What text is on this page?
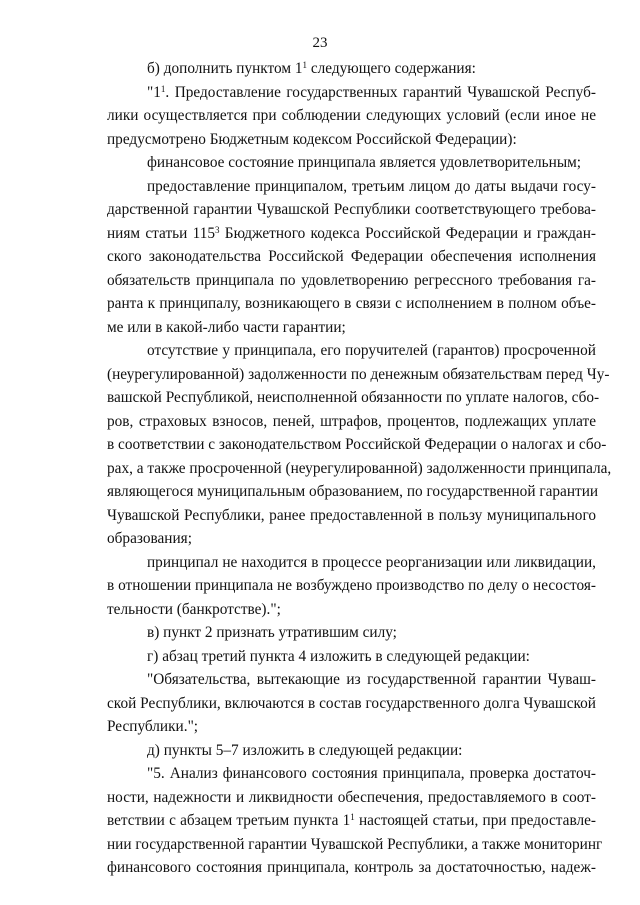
23
б) дополнить пунктом $1^1$ следующего содержания:
"$1^1$. Предоставление государственных гарантий Чувашской Респуб-
лики осуществляется при соблюдении следующих условий (если иное не
предусмотрено Бюджетным кодексом Российской Федерации):
финансовое состояние принципала является удовлетворительным;
предоставление принципалом, третьим лицом до даты выдачи госу-
дарственной гарантии Чувашской Республики соответствующего требова-
ниям статьи $115^3$ Бюджетного кодекса Российской Федерации и граждан-
ского законодательства Российской Федерации обеспечения исполнения
обязательств принципала по удовлетворению регрессного требования га-
ранта к принципалу, возникающего в связи с исполнением в полном объе-
ме или в какой-либо части гарантии;
отсутствие у принципала, его поручителей (гарантов) просроченной
(неурегулированной) задолженности по денежным обязательствам перед Чу-
вашской Республикой, неисполненной обязанности по уплате налогов, сбо-
ров, страховых взносов, пеней, штрафов, процентов, подлежащих уплате
в соответствии с законодательством Российской Федерации о налогах и сбо-
рах, а также просроченной (неурегулированной) задолженности принципала,
являющегося муниципальным образованием, по государственной гарантии
Чувашской Республики, ранее предоставленной в пользу муниципального
образования;
принципал не находится в процессе реорганизации или ликвидации,
в отношении принципала не возбуждено производство по делу о несостоя-
тельности (банкротстве).";
в) пункт 2 признать утратившим силу;
г) абзац третий пункта 4 изложить в следующей редакции:
"Обязательства, вытекающие из государственной гарантии Чуваш-
ской Республики, включаются в состав государственного долга Чувашской
Республики.";
д) пункты 5–7 изложить в следующей редакции:
"5. Анализ финансового состояния принципала, проверка достаточ-
ности, надежности и ликвидности обеспечения, предоставляемого в соот-
ветствии с абзацем третьим пункта $1^1$ настоящей статьи, при предоставле-
нии государственной гарантии Чувашской Республики, а также мониторинг
финансового состояния принципала, контроль за достаточностью, надеж-
